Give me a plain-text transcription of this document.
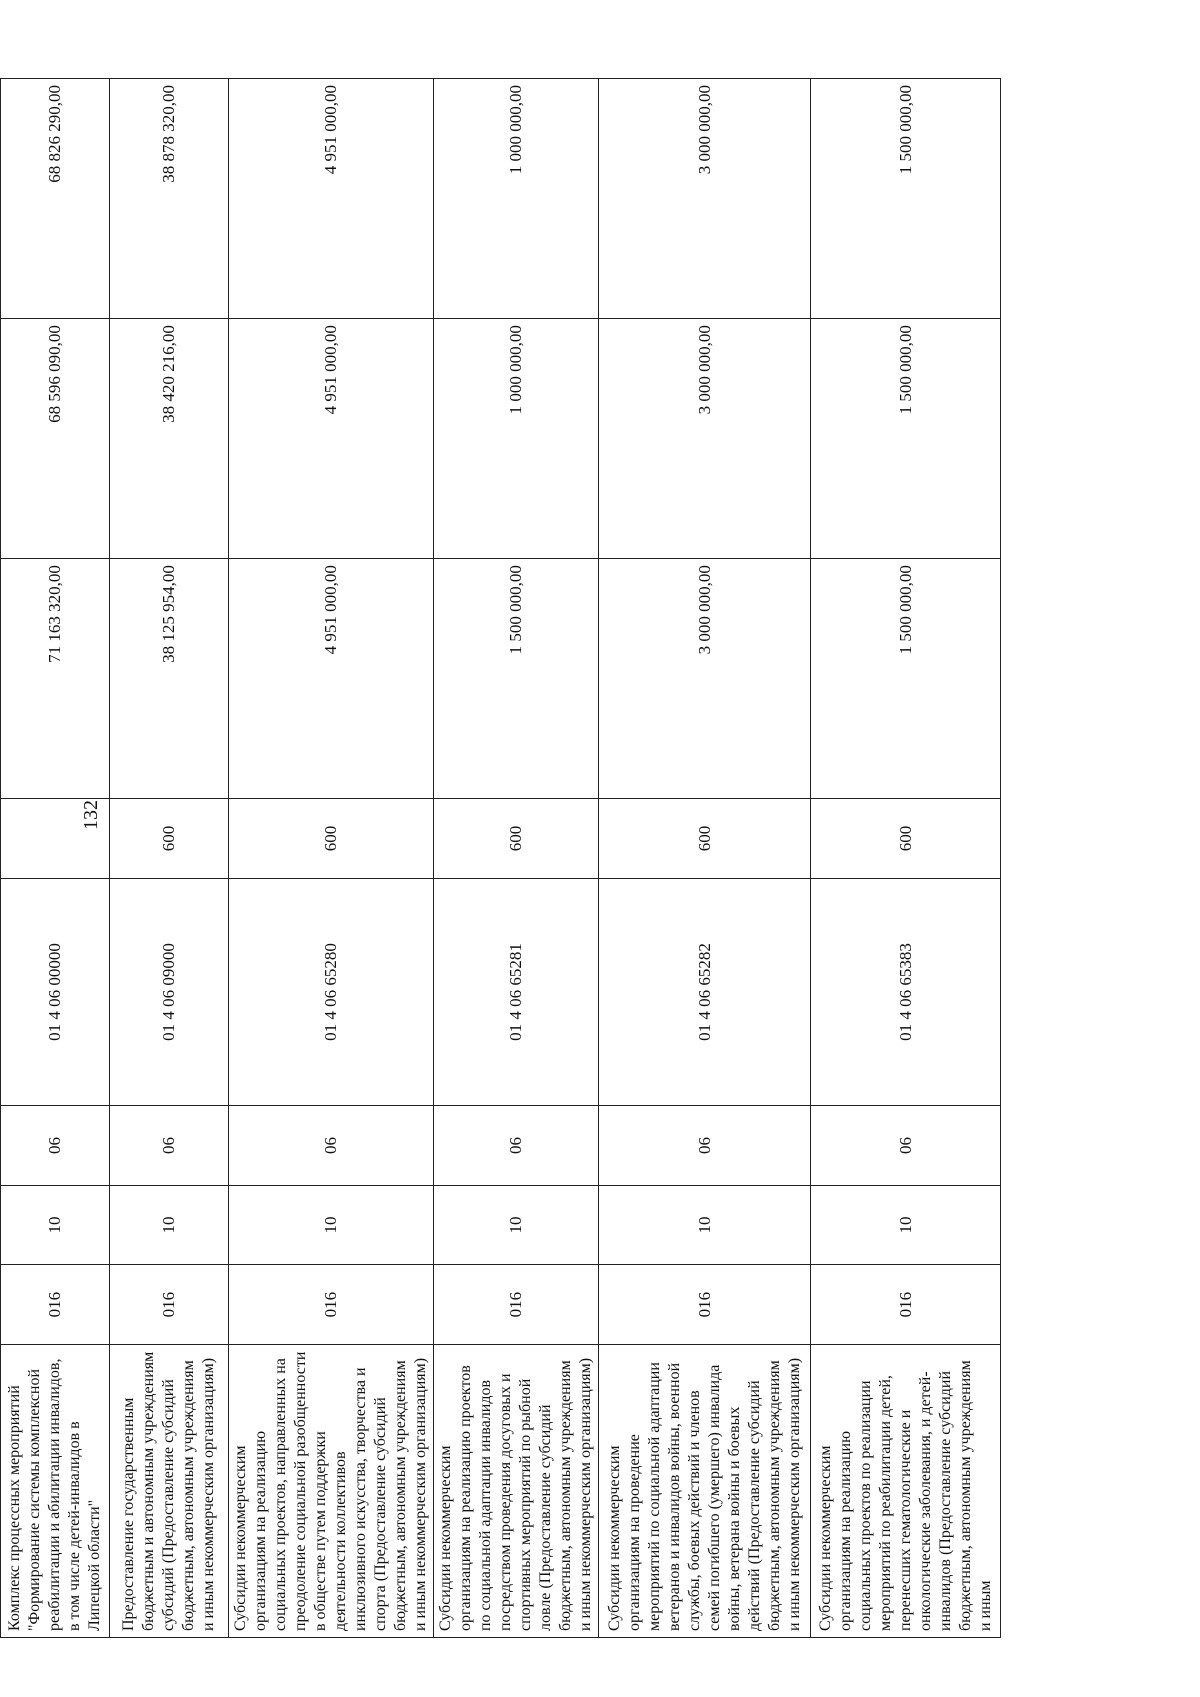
132
Комплекс процессных мероприятий "Формирование системы комплексной реабилитации и абилитации инвалидов, в том числе детей-инвалидов в Липецкой области"	016	10	06	01 4 06 00000		71 163 320,00	68 596 090,00	68 826 290,00
Предоставление государственным бюджетным и автономным учреждениям субсидий (Предоставление субсидий бюджетным, автономным учреждениям и иным некоммерческим организациям)	016	10	06	01 4 06 09000	600	38 125 954,00	38 420 216,00	38 878 320,00
Субсидии некоммерческим организациям на реализацию социальных проектов, направленных на преодоление социальной разобщенности в обществе путем поддержки деятельности коллективов инклюзивного искусства, творчества и спорта (Предоставление субсидий бюджетным, автономным учреждениям и иным некоммерческим организациям)	016	10	06	01 4 06 65280	600	4 951 000,00	4 951 000,00	4 951 000,00
Субсидии некоммерческим организациям на реализацию проектов по социальной адаптации инвалидов посредством проведения досуговых и спортивных мероприятий по рыбной ловле (Предоставление субсидий бюджетным, автономным учреждениям и иным некоммерческим организациям)	016	10	06	01 4 06 65281	600	1 500 000,00	1 000 000,00	1 000 000,00
Субсидии некоммерческим организациям на проведение мероприятий по социальной адаптации ветеранов и инвалидов войны, военной службы, боевых действий и членов семей погибшего (умершего) инвалида войны, ветерана войны и боевых действий (Предоставление субсидий бюджетным, автономным учреждениям и иным некоммерческим организациям)	016	10	06	01 4 06 65282	600	3 000 000,00	3 000 000,00	3 000 000,00
Субсидии некоммерческим организациям на реализацию социальных проектов по реализации мероприятий по реабилитации детей, перенесших гематологические и онкологические заболевания, и детей-инвалидов (Предоставление субсидий бюджетным, автономным учреждениям и иным	016	10	06	01 4 06 65383	600	1 500 000,00	1 500 000,00	1 500 000,00
